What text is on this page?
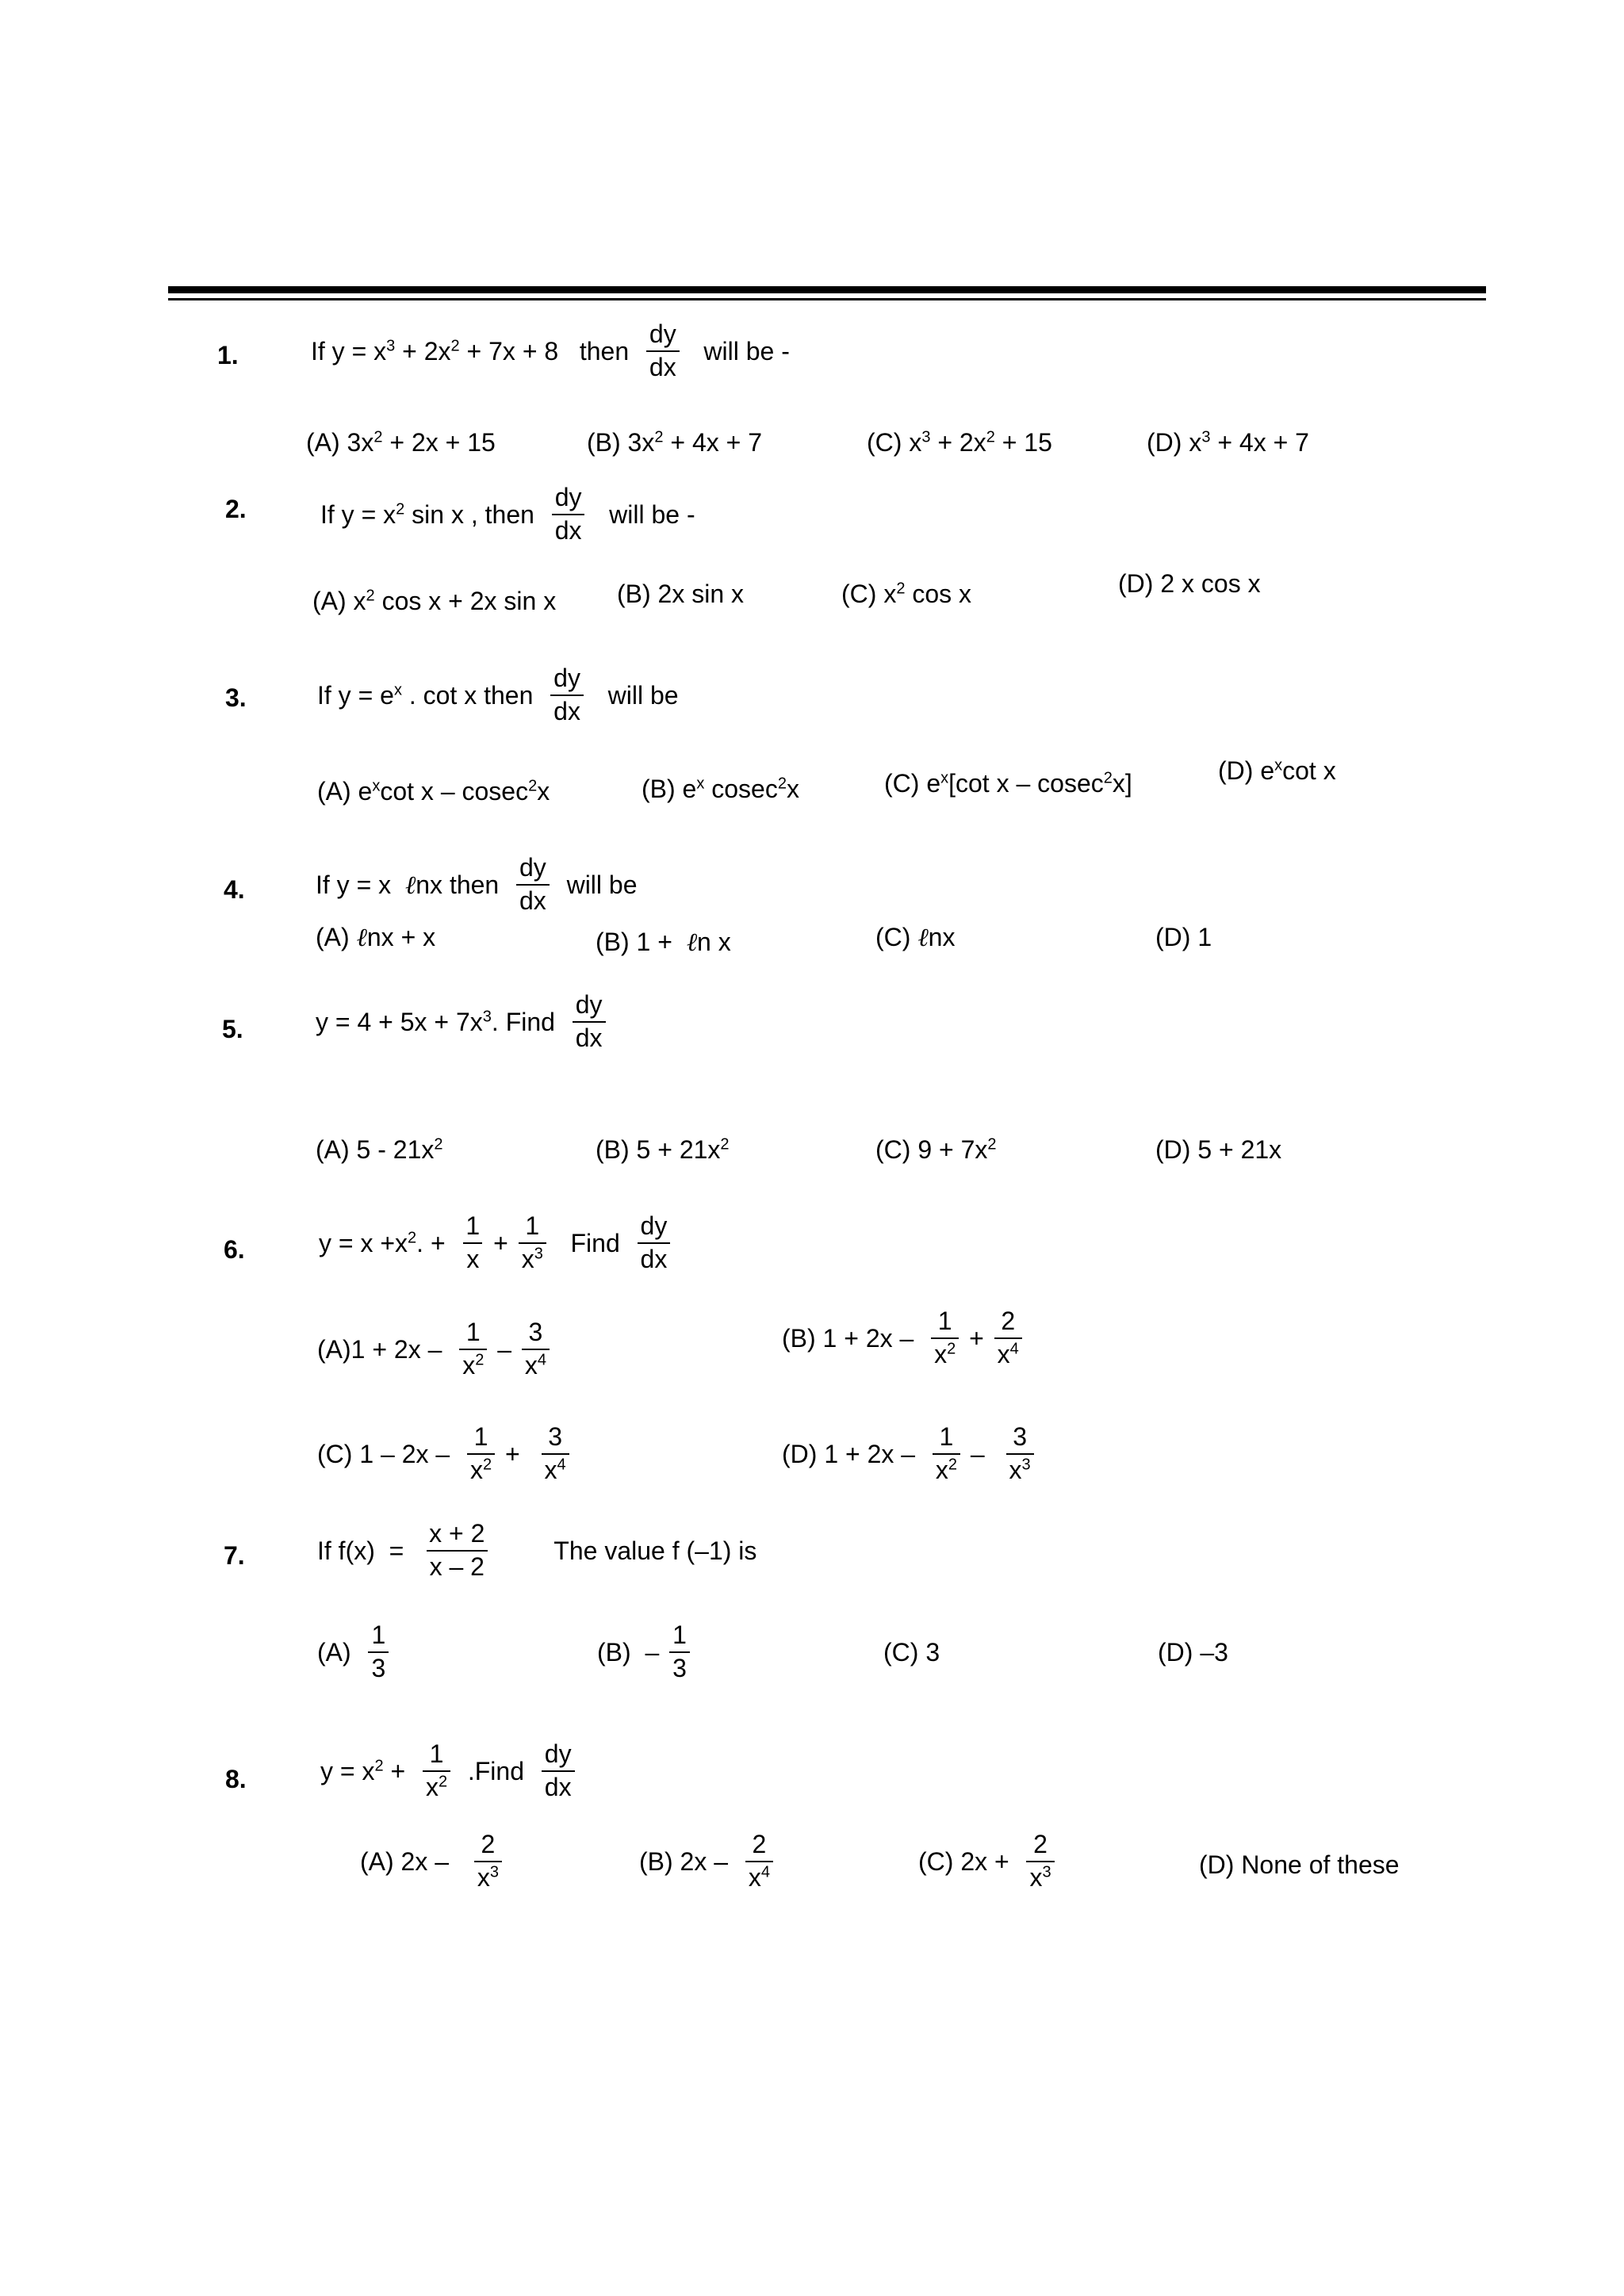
1.	If $y = x^3 + 2x^2 + 7x + 8$   then $\frac{dy}{dx}$ will be -
(A) $3x^2 + 2x + 15$	(B) $3x^2 + 4x + 7$	(C) $x^3 + 2x^2 + 15$	(D) $x^3 + 4x + 7$
2.	If $y = x^2$ sin x , then $\frac{dy}{dx}$ will be -
(A) $x^2$ cos x + 2x sin x (B) 2x sin x	(C) $x^2$ cos x	(D) 2 x cos x
3.	If $y = e^x$ . cot x then $\frac{dy}{dx}$ will be
(A) $e^x\cot$ x – cosec$^2$x	(B) $e^x$ cosec$^2$x	(C) $e^x[\cot$ x – cosec$^2$x]	(D) $e^x\cot$ x
4.	If y = x  ℓnx then $\frac{dy}{dx}$ will be
(A) ℓnx + x	(B) 1 +  ℓn x	(C) ℓnx	(D) 1
5.	$y = 4 + 5x + 7x^3$. Find $\frac{dy}{dx}$
(A) $5 - 21x^2$	(B) $5 + 21x^2$	(C) $9 + 7x^2$	(D) 5 + 21x
6.	$y = x +x^2$. + $\frac{1}{x} + \frac{1}{x^3}$ Find $\frac{dy}{dx}$
$(A)1 + 2x - \frac{1}{x^2} - \frac{3}{x^4}$	(B) $1 + 2x - \frac{1}{x^2} + \frac{2}{x^4}$
(C) $1 - 2x - \frac{1}{x^2} + \frac{3}{x^4}$	(D) $1 + 2x - \frac{1}{x^2} - \frac{3}{x^3}$
7.	If $f(x) = \frac{x + 2}{x - 2}$	The value f (–1) is
$(A) \frac{1}{3}$	$(B) - \frac{1}{3}$	(C) 3	(D) –3
8.	$y = x^2 + \frac{1}{x^2}$ .Find $\frac{dy}{dx}$
(A) $2x - \frac{2}{x^3}$	(B) $2x - \frac{2}{x^4}$	(C) $2x + \frac{2}{x^3}$	(D) None of these
